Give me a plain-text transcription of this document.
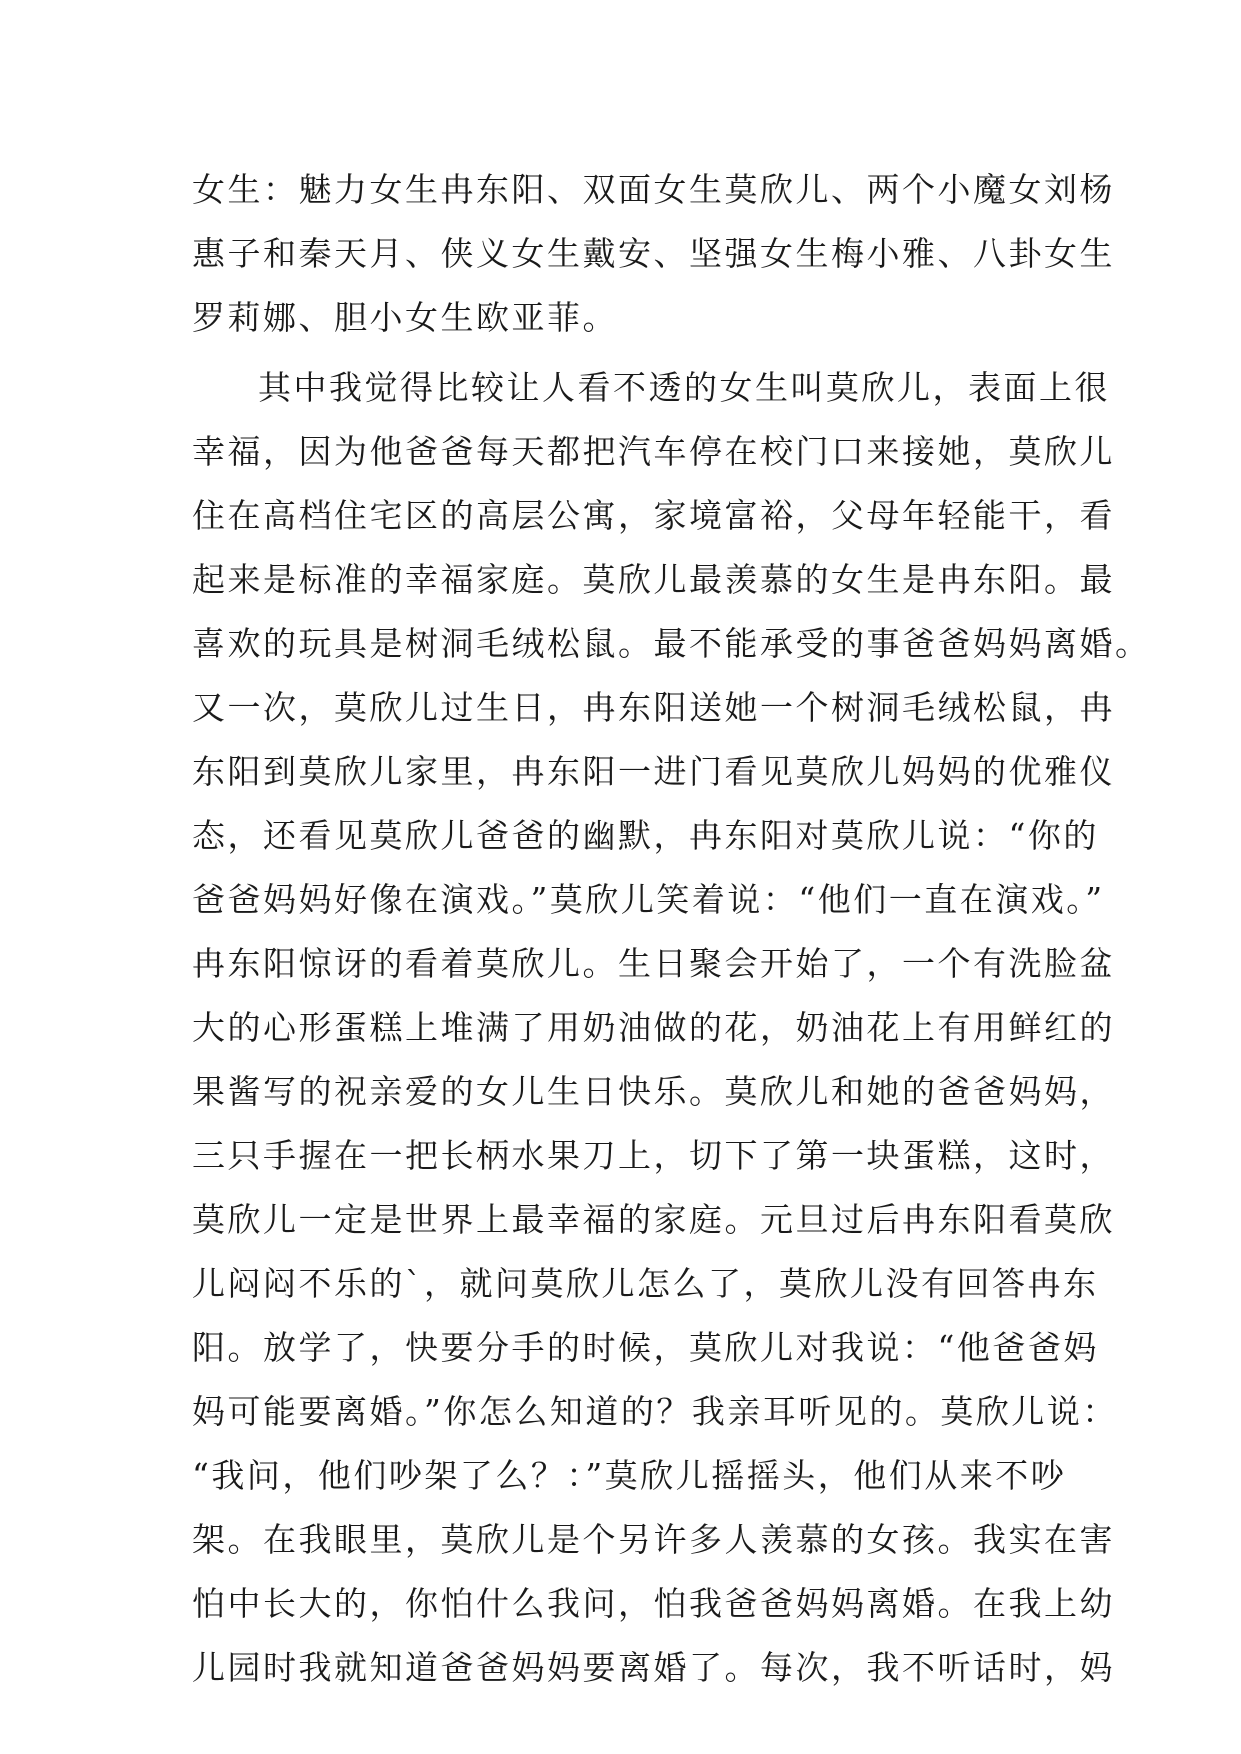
女生：魅力女生冉东阳、双面女生莫欣儿、两个小魔女刘杨
惠子和秦天月、侠义女生戴安、坚强女生梅小雅、八卦女生
罗莉娜、胆小女生欧亚菲。
其中我觉得比较让人看不透的女生叫莫欣儿，表面上很
幸福，因为他爸爸每天都把汽车停在校门口来接她，莫欣儿
住在高档住宅区的高层公寓，家境富裕，父母年轻能干，看
起来是标准的幸福家庭。莫欣儿最羡慕的女生是冉东阳。最
喜欢的玩具是树洞毛绒松鼠。最不能承受的事爸爸妈妈离婚。
又一次，莫欣儿过生日，冉东阳送她一个树洞毛绒松鼠，冉
东阳到莫欣儿家里，冉东阳一进门看见莫欣儿妈妈的优雅仪
态，还看见莫欣儿爸爸的幽默，冉东阳对莫欣儿说：“你的
爸爸妈妈好像在演戏。”莫欣儿笑着说：“他们一直在演戏。”
冉东阳惊讶的看着莫欣儿。生日聚会开始了，一个有洗脸盆
大的心形蛋糕上堆满了用奶油做的花，奶油花上有用鲜红的
果酱写的祝亲爱的女儿生日快乐。莫欣儿和她的爸爸妈妈，
三只手握在一把长柄水果刀上，切下了第一块蛋糕，这时，
莫欣儿一定是世界上最幸福的家庭。元旦过后冉东阳看莫欣
儿闷闷不乐的`，就问莫欣儿怎么了，莫欣儿没有回答冉东
阳。放学了，快要分手的时候，莫欣儿对我说：“他爸爸妈
妈可能要离婚。”你怎么知道的？我亲耳听见的。莫欣儿说：
“我问，他们吵架了么？：”莫欣儿摇摇头，他们从来不吵
架。在我眼里，莫欣儿是个另许多人羡慕的女孩。我实在害
怕中长大的，你怕什么我问，怕我爸爸妈妈离婚。在我上幼
儿园时我就知道爸爸妈妈要离婚了。每次，我不听话时，妈
